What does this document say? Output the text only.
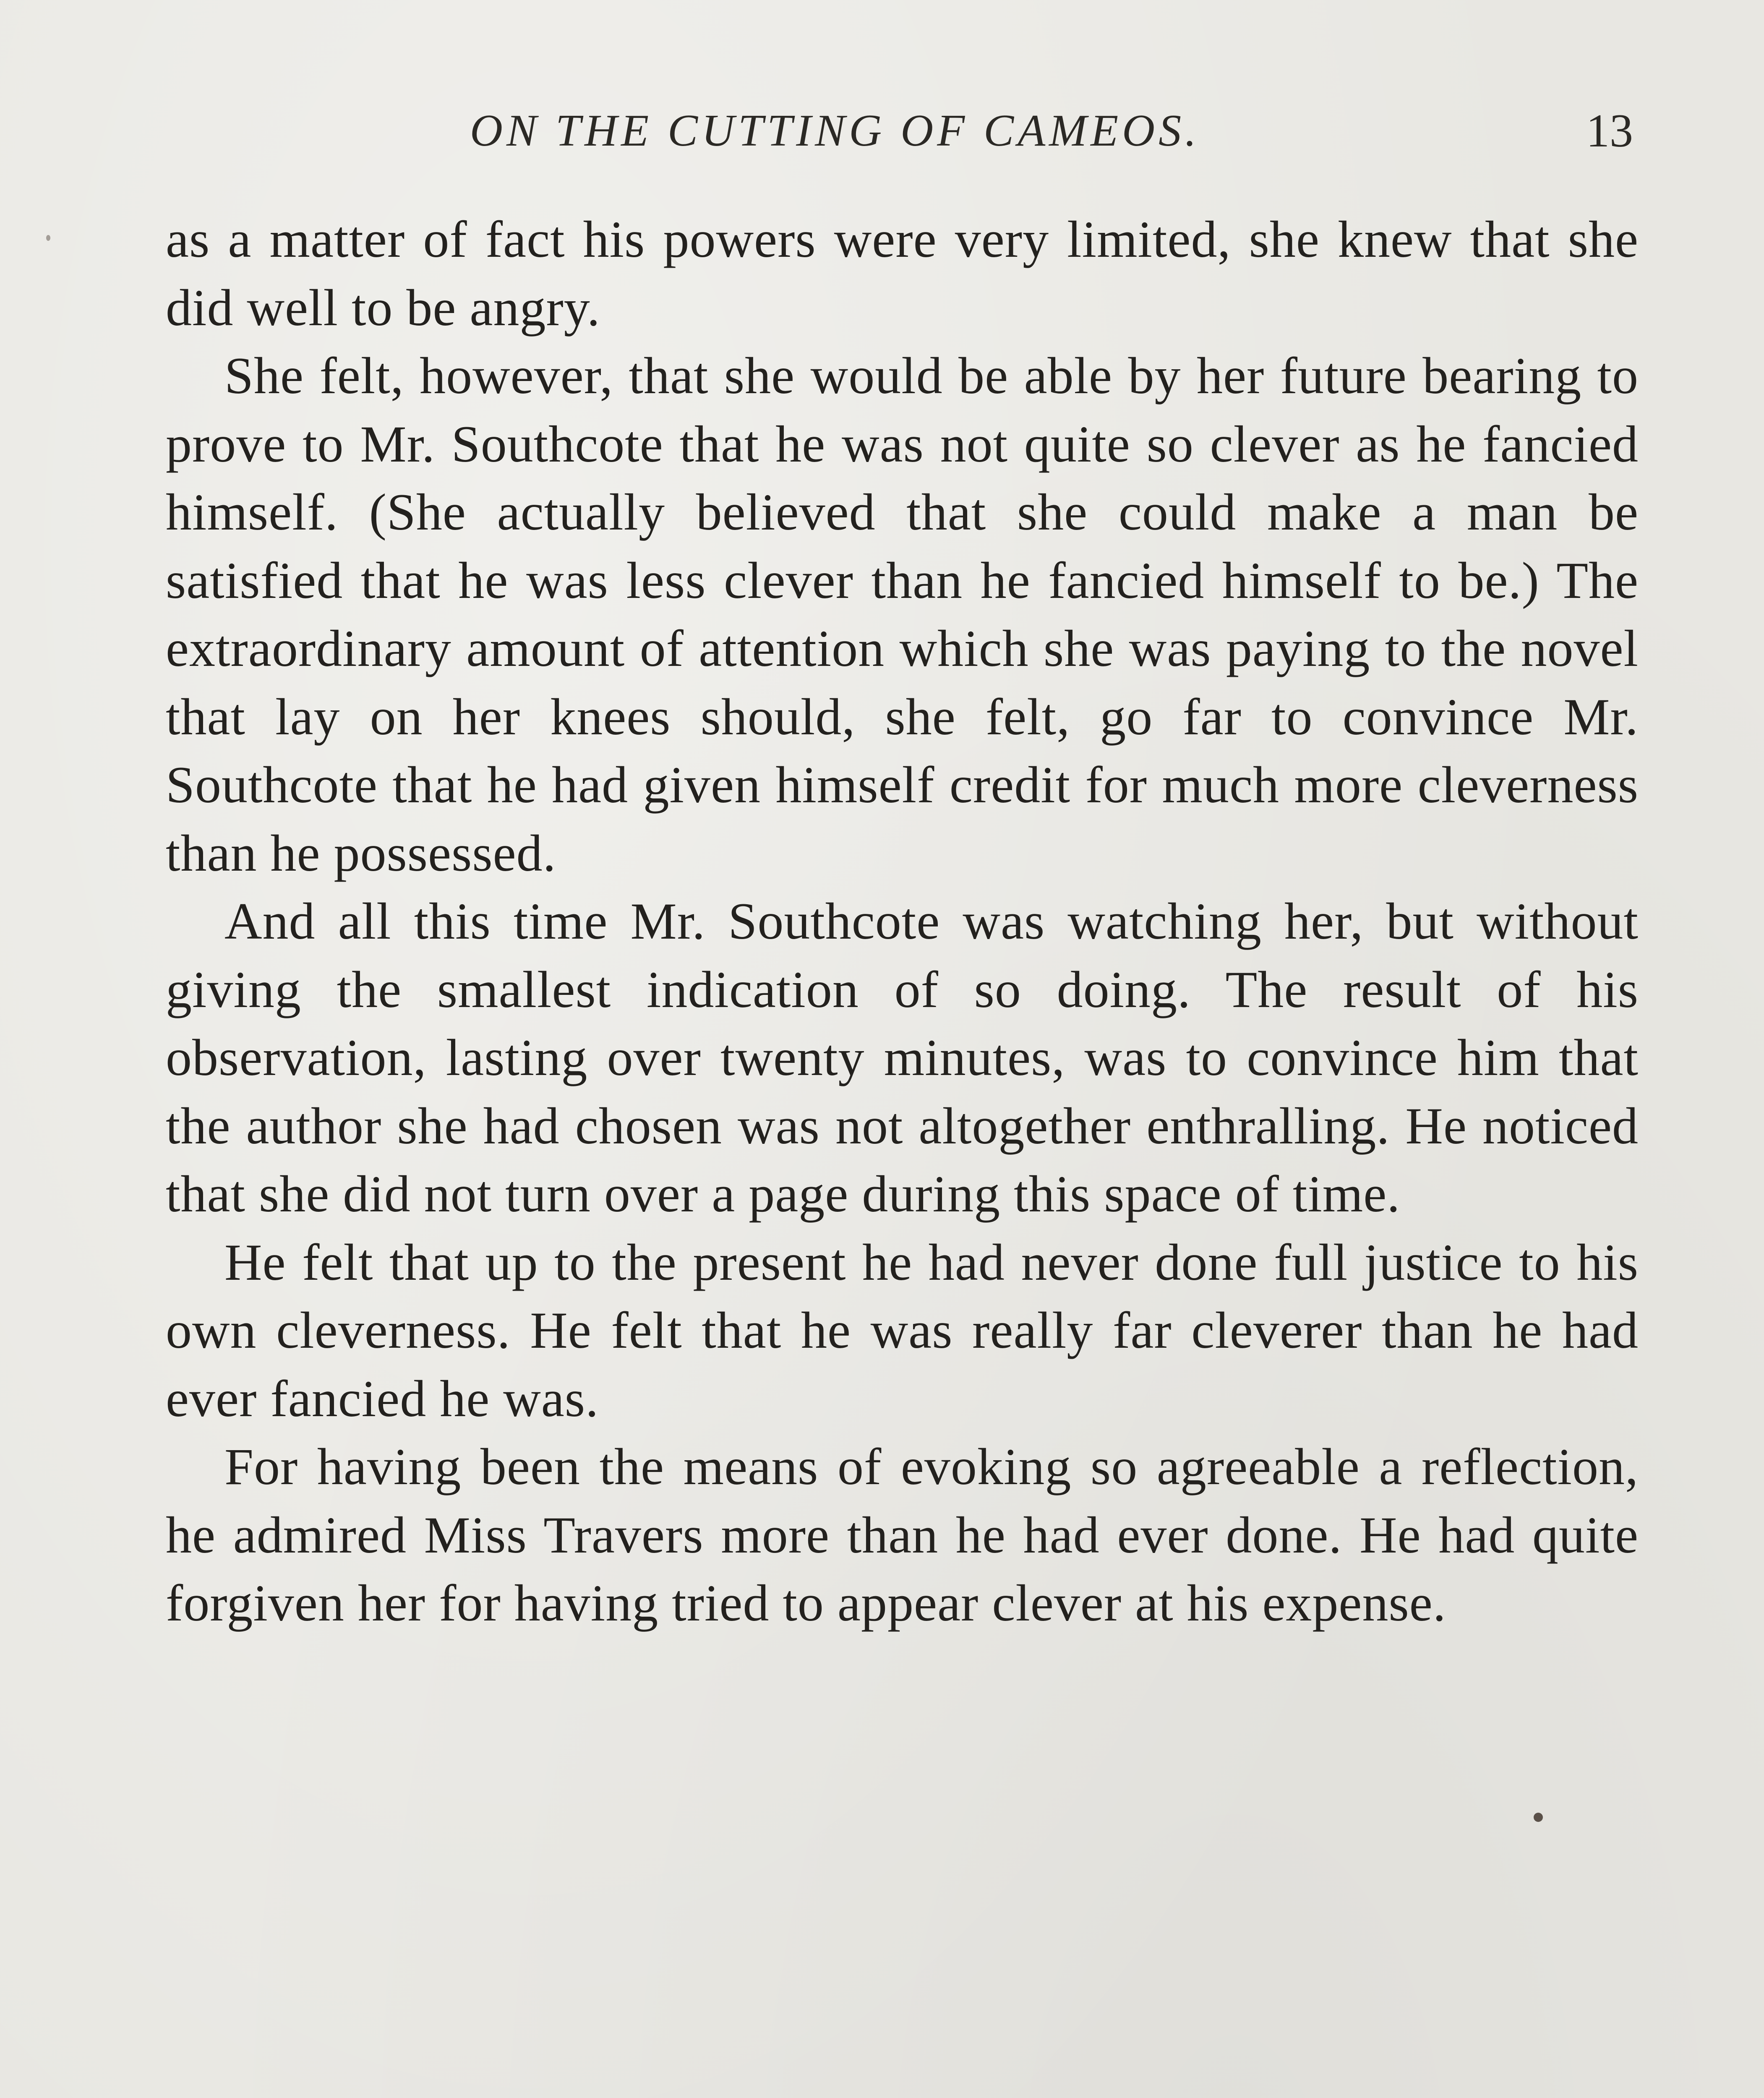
ON THE CUTTING OF CAMEOS.	13

as a matter of fact his powers were very limited, she knew that she did well to be angry.

She felt, however, that she would be able by her future bearing to prove to Mr. Southcote that he was not quite so clever as he fancied himself. (She actually believed that she could make a man be satisfied that he was less clever than he fancied himself to be.) The extraordinary amount of attention which she was paying to the novel that lay on her knees should, she felt, go far to convince Mr. Southcote that he had given himself credit for much more cleverness than he possessed.

And all this time Mr. Southcote was watching her, but without giving the smallest indication of so doing. The result of his observation, lasting over twenty minutes, was to convince him that the author she had chosen was not altogether enthralling. He noticed that she did not turn over a page during this space of time.

He felt that up to the present he had never done full justice to his own cleverness. He felt that he was really far cleverer than he had ever fancied he was.

For having been the means of evoking so agreeable a reflection, he admired Miss Travers more than he had ever done. He had quite forgiven her for having tried to appear clever at his expense.
